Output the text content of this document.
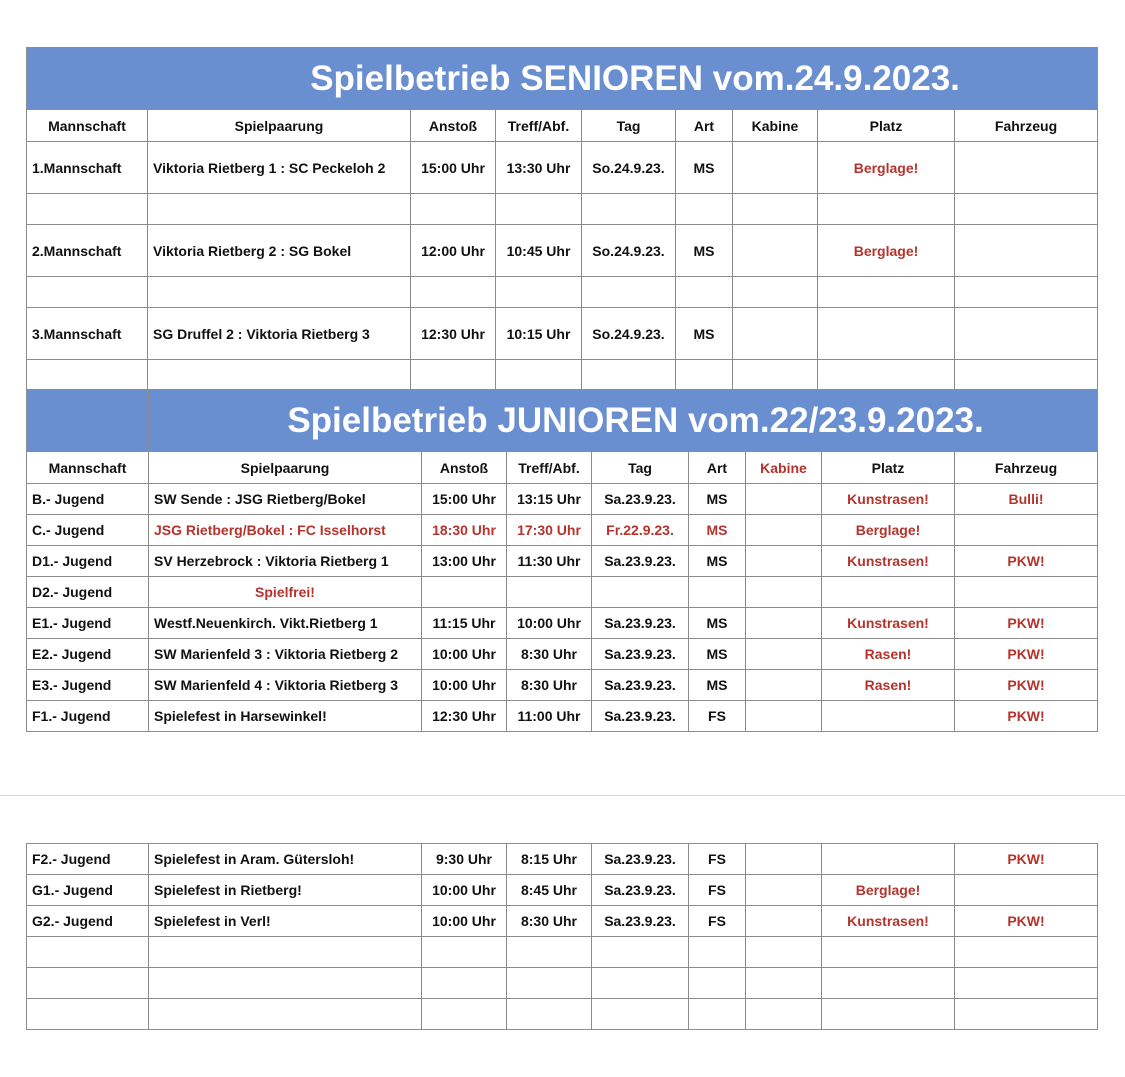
	Spielbetrieb SENIOREN vom.24.9.2023.							
Mannschaft	Spielpaarung	Anstoß	Treff/Abf.	Tag	Art	Kabine	Platz	Fahrzeug
1.Mannschaft	Viktoria Rietberg 1 : SC Peckeloh 2	15:00 Uhr	13:30 Uhr	So.24.9.23.	MS		Berglage!	

2.Mannschaft	Viktoria Rietberg 2 : SG Bokel	12:00 Uhr	10:45 Uhr	So.24.9.23.	MS		Berglage!	

3.Mannschaft	SG Druffel 2 : Viktoria Rietberg 3	12:30 Uhr	10:15 Uhr	So.24.9.23.	MS			

	Spielbetrieb JUNIOREN vom.22/23.9.2023.							
Mannschaft	Spielpaarung	Anstoß	Treff/Abf.	Tag	Art	Kabine	Platz	Fahrzeug
B.- Jugend	SW Sende : JSG Rietberg/Bokel	15:00 Uhr	13:15 Uhr	Sa.23.9.23.	MS		Kunstrasen!	Bulli!
C.- Jugend	JSG Rietberg/Bokel : FC Isselhorst	18:30 Uhr	17:30 Uhr	Fr.22.9.23.	MS		Berglage!	
D1.- Jugend	SV Herzebrock : Viktoria Rietberg 1	13:00 Uhr	11:30 Uhr	Sa.23.9.23.	MS		Kunstrasen!	PKW!
D2.- Jugend	Spielfrei!							
E1.- Jugend	Westf.Neuenkirch. Vikt.Rietberg 1	11:15 Uhr	10:00 Uhr	Sa.23.9.23.	MS		Kunstrasen!	PKW!
E2.- Jugend	SW Marienfeld 3 : Viktoria Rietberg 2	10:00 Uhr	8:30 Uhr	Sa.23.9.23.	MS		Rasen!	PKW!
E3.- Jugend	SW Marienfeld 4 : Viktoria Rietberg 3	10:00 Uhr	8:30 Uhr	Sa.23.9.23.	MS		Rasen!	PKW!
F1.- Jugend	Spielefest in Harsewinkel!	12:30 Uhr	11:00 Uhr	Sa.23.9.23.	FS			PKW!
F2.- Jugend	Spielefest in Aram. Gütersloh!	9:30 Uhr	8:15 Uhr	Sa.23.9.23.	FS			PKW!
G1.- Jugend	Spielefest in Rietberg!	10:00 Uhr	8:45 Uhr	Sa.23.9.23.	FS		Berglage!	
G2.- Jugend	Spielefest in Verl!	10:00 Uhr	8:30 Uhr	Sa.23.9.23.	FS		Kunstrasen!	PKW!
